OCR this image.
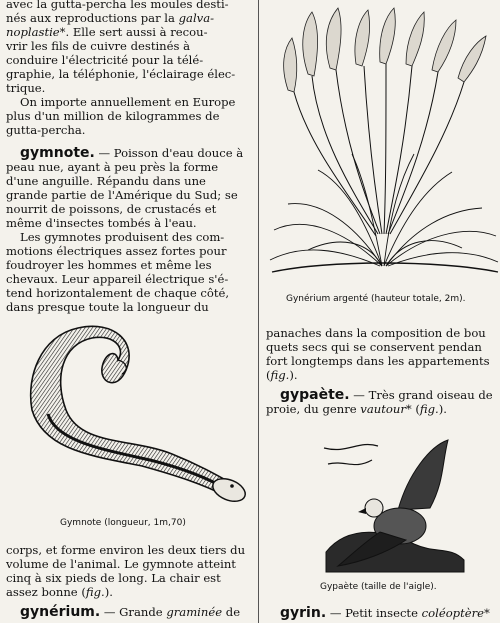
avec la gutta-percha les moules desti-
nés aux reproductions par la galva-
noplastie*. Elle sert aussi à recou-
vrir les fils de cuivre destinés à
conduire l'électricité pour la télé-
graphie, la téléphonie, l'éclairage élec-
trique.

On importe annuellement en Europe
plus d'un million de kilogrammes de
gutta-percha.

gymnote. — Poisson d'eau douce à
peau nue, ayant à peu près la forme
d'une anguille. Répandu dans une
grande partie de l'Amérique du Sud; se
nourrit de poissons, de crustacés et
même d'insectes tombés à l'eau.

Les gymnotes produisent des com-
motions électriques assez fortes pour
foudroyer les hommes et même les
chevaux. Leur appareil électrique s'é-
tend horizontalement de chaque côté,
dans presque toute la longueur du

Gymnote (longueur, 1m,70)

corps, et forme environ les deux tiers du
volume de l'animal. Le gymnote atteint
cinq à six pieds de long. La chair est
assez bonne (fig.).

gynérium. — Grande graminée de

Gynérium argenté (hauteur totale, 2m).

panaches dans la composition de bou
quets secs qui se conservent pendan
fort longtemps dans les appartements
(fig.).

gypaète. — Très grand oiseau de
proie, du genre vautour* (fig.).

Gypaète (taille de l'aigle).

gyrin. — Petit insecte coléoptère*
